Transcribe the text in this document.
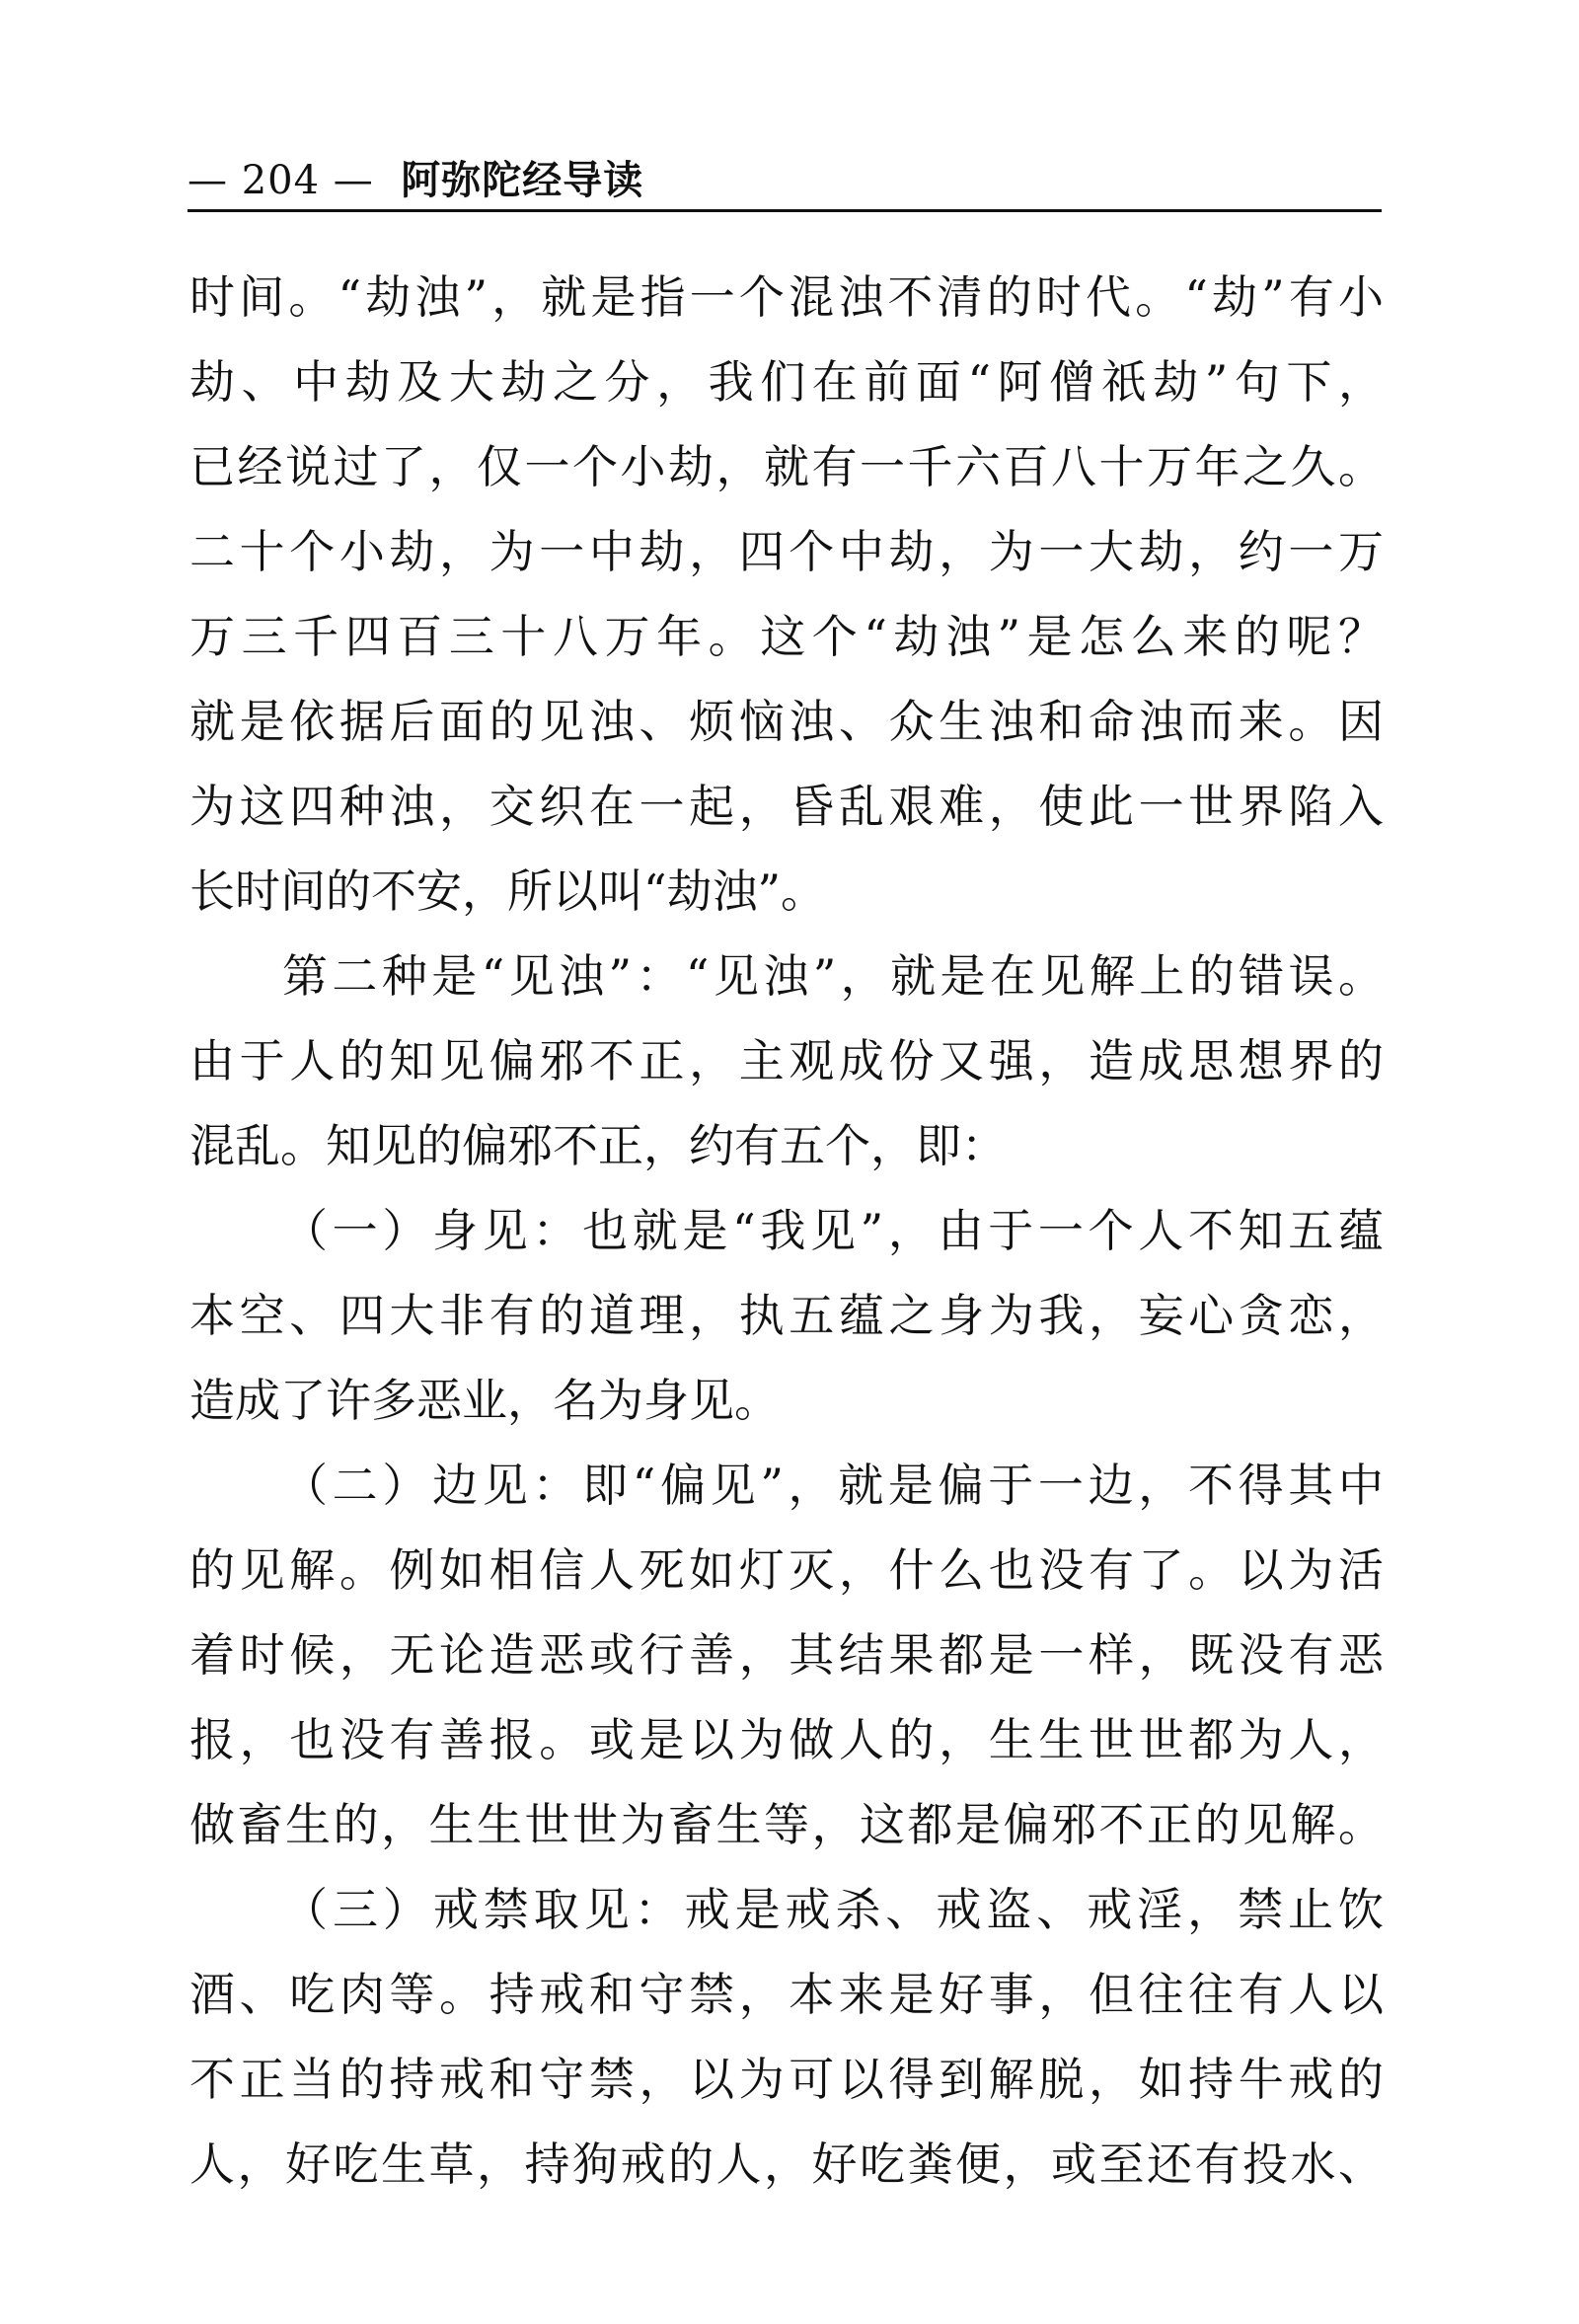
— 204 — 阿弥陀经导读
时间。“劫浊”，就是指一个混浊不清的时代。“劫”有小
劫、中劫及大劫之分，我们在前面“阿僧祇劫”句下，
已经说过了，仅一个小劫，就有一千六百八十万年之久。
二十个小劫，为一中劫，四个中劫，为一大劫，约一万
万三千四百三十八万年。这个“劫浊”是怎么来的呢？
就是依据后面的见浊、烦恼浊、众生浊和命浊而来。因
为这四种浊，交织在一起，昏乱艰难，使此一世界陷入
长时间的不安，所以叫“劫浊”。
第二种是“见浊”：“见浊”，就是在见解上的错误。
由于人的知见偏邪不正，主观成份又强，造成思想界的
混乱。知见的偏邪不正，约有五个，即：
（一）身见：也就是“我见”，由于一个人不知五蕴
本空、四大非有的道理，执五蕴之身为我，妄心贪恋，
造成了许多恶业，名为身见。
（二）边见：即“偏见”，就是偏于一边，不得其中
的见解。例如相信人死如灯灭，什么也没有了。以为活
着时候，无论造恶或行善，其结果都是一样，既没有恶
报，也没有善报。或是以为做人的，生生世世都为人，
做畜生的，生生世世为畜生等，这都是偏邪不正的见解。
（三）戒禁取见：戒是戒杀、戒盗、戒淫，禁止饮
酒、吃肉等。持戒和守禁，本来是好事，但往往有人以
不正当的持戒和守禁，以为可以得到解脱，如持牛戒的
人，好吃生草，持狗戒的人，好吃粪便，或至还有投水、
